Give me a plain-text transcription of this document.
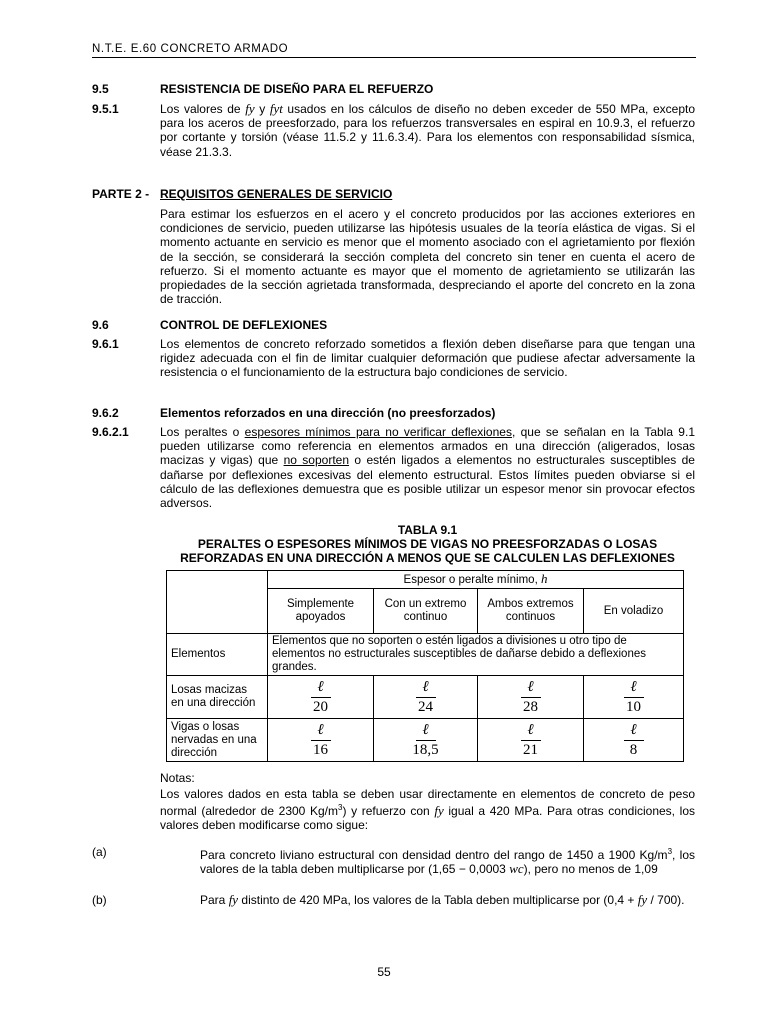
N.T.E. E.60 CONCRETO ARMADO
9.5	RESISTENCIA DE DISEÑO PARA EL REFUERZO
9.5.1	Los valores de fy y fyt usados en los cálculos de diseño no deben exceder de 550 MPa, excepto para los aceros de preesforzado, para los refuerzos transversales en espiral en 10.9.3, el refuerzo por cortante y torsión (véase 11.5.2 y 11.6.3.4). Para los elementos con responsabilidad sísmica, véase 21.3.3.
PARTE 2 - REQUISITOS GENERALES DE SERVICIO
Para estimar los esfuerzos en el acero y el concreto producidos por las acciones exteriores en condiciones de servicio, pueden utilizarse las hipótesis usuales de la teoría elástica de vigas. Si el momento actuante en servicio es menor que el momento asociado con el agrietamiento por flexión de la sección, se considerará la sección completa del concreto sin tener en cuenta el acero de refuerzo. Si el momento actuante es mayor que el momento de agrietamiento se utilizarán las propiedades de la sección agrietada transformada, despreciando el aporte del concreto en la zona de tracción.
9.6	CONTROL DE DEFLEXIONES
9.6.1	Los elementos de concreto reforzado sometidos a flexión deben diseñarse para que tengan una rigidez adecuada con el fin de limitar cualquier deformación que pudiese afectar adversamente la resistencia o el funcionamiento de la estructura bajo condiciones de servicio.
9.6.2	Elementos reforzados en una dirección (no preesforzados)
9.6.2.1	Los peraltes o espesores mínimos para no verificar deflexiones, que se señalan en la Tabla 9.1 pueden utilizarse como referencia en elementos armados en una dirección (aligerados, losas macizas y vigas) que no soporten o estén ligados a elementos no estructurales susceptibles de dañarse por deflexiones excesivas del elemento estructural. Estos límites pueden obviarse si el cálculo de las deflexiones demuestra que es posible utilizar un espesor menor sin provocar efectos adversos.
TABLA 9.1
PERALTES O ESPESORES MÍNIMOS DE VIGAS NO PREESFORZADAS O LOSAS
REFORZADAS EN UNA DIRECCIÓN A MENOS QUE SE CALCULEN LAS DEFLEXIONES
	Espesor o peralte mínimo, h			
	Simplemente apoyados	Con un extremo continuo	Ambos extremos continuos	En voladizo
Elementos	Elementos que no soporten o estén ligados a divisiones u otro tipo de elementos no estructurales susceptibles de dañarse debido a deflexiones grandes.			
Losas macizas en una dirección	$\frac{\text{ℓ}}{20}$	$\frac{\text{ℓ}}{24}$	$\frac{\text{ℓ}}{28}$	$\frac{\text{ℓ}}{10}$

Vigas o losas nervadas en una dirección	$\frac{\text{ℓ}}{16}$	$\frac{\text{ℓ}}{18,5}$	$\frac{\text{ℓ}}{21}$	$\frac{\text{ℓ}}{8}$
Notas:
Los valores dados en esta tabla se deben usar directamente en elementos de concreto de peso normal (alrededor de 2300 $Kg/m^3$) y refuerzo con fy igual a 420 MPa. Para otras condiciones, los valores deben modificarse como sigue:
(a)	Para concreto liviano estructural con densidad dentro del rango de 1450 a 1900 $Kg/m^3$, los valores de la tabla deben multiplicarse por (1,65 − 0,0003 wc), pero no menos de 1,09
(b)	Para fy distinto de 420 MPa, los valores de la Tabla deben multiplicarse por (0,4 + fy / 700).
55
